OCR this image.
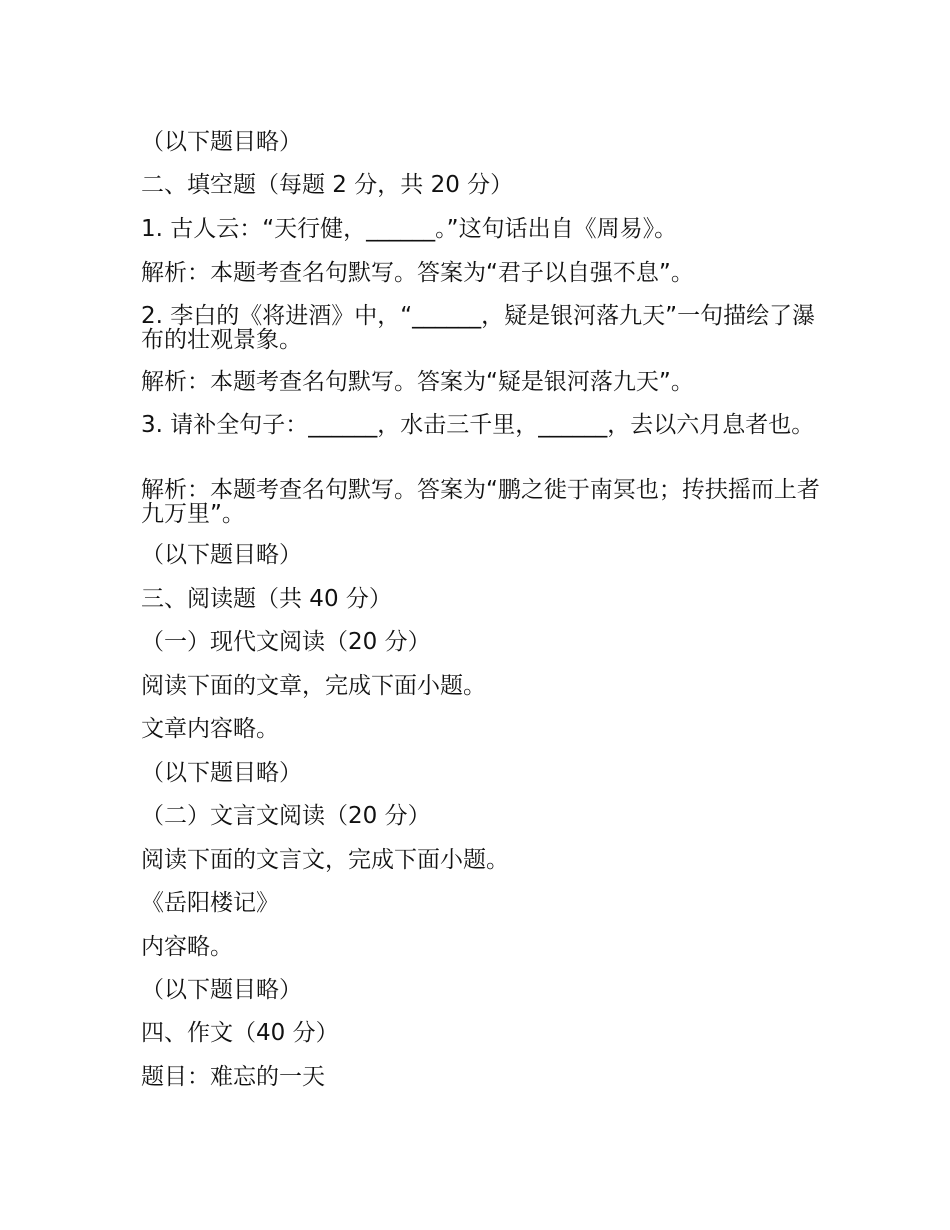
（以下题目略）

二、填空题（每题 2 分，共 20 分）

1. 古人云：“天行健，______。”这句话出自《周易》。

解析：本题考查名句默写。答案为“君子以自强不息”。

2. 李白的《将进酒》中，“______，疑是银河落九天”一句描绘了瀑布的壮观景象。

解析：本题考查名句默写。答案为“疑是银河落九天”。

3. 请补全句子：______，水击三千里，______，去以六月息者也。

解析：本题考查名句默写。答案为“鹏之徙于南冥也；抟扶摇而上者九万里”。

（以下题目略）

三、阅读题（共 40 分）

（一）现代文阅读（20 分）

阅读下面的文章，完成下面小题。

文章内容略。

（以下题目略）

（二）文言文阅读（20 分）

阅读下面的文言文，完成下面小题。

《岳阳楼记》

内容略。

（以下题目略）

四、作文（40 分）

题目：难忘的一天
